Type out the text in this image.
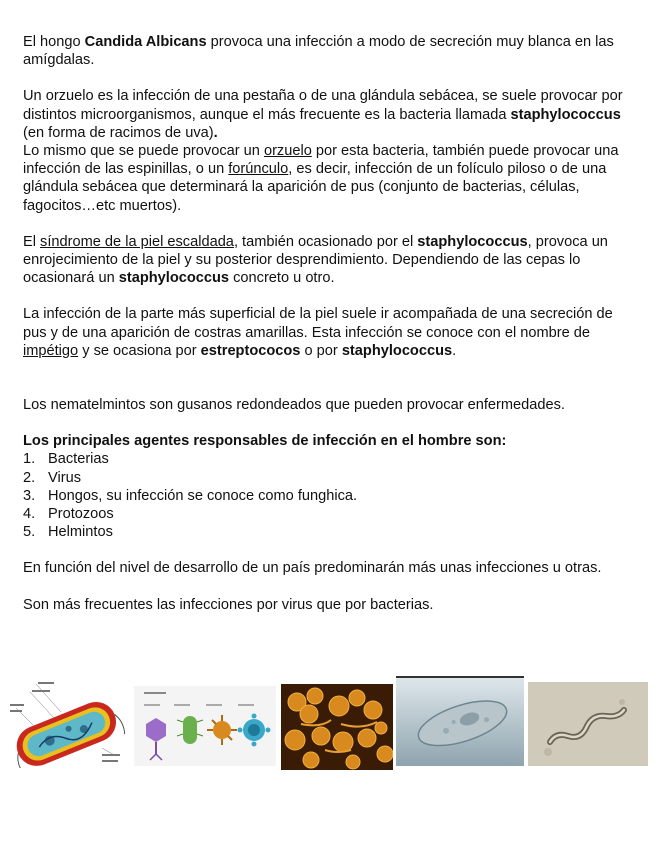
El hongo Candida Albicans provoca una infección a modo de secreción muy blanca en las amígdalas.

Un orzuelo es la infección de una pestaña o de una glándula sebácea, se suele provocar por distintos microorganismos, aunque el más frecuente es la bacteria llamada staphylococcus (en forma de racimos de uva).

Lo mismo que se puede provocar un orzuelo por esta bacteria, también puede provocar una infección de las espinillas, o un forúnculo, es decir, infección de un folículo piloso o de una glándula sebácea que determinará la aparición de pus (conjunto de bacterias, células, fagocitos…etc muertos).

El síndrome de la piel escaldada, también ocasionado por el staphylococcus, provoca un enrojecimiento de la piel y su posterior desprendimiento. Dependiendo de las cepas lo ocasionará un staphylococcus concreto u otro.

La infección de la parte más superficial de la piel suele ir acompañada de una secreción de pus y de una aparición de costras amarillas. Esta infección se conoce con el nombre de impétigo y se ocasiona por estreptococos o por staphylococcus.

Los nematelmintos son gusanos redondeados que pueden provocar enfermedades.

Los principales agentes responsables de infección en el hombre son:

1. Bacterias
2. Virus
3. Hongos, su infección se conoce como funghica.
4. Protozoos
5. Helmintos

En función del nivel de desarrollo de un país predominarán más unas infecciones u otras.

Son más frecuentes las infecciones por virus que por bacterias.
